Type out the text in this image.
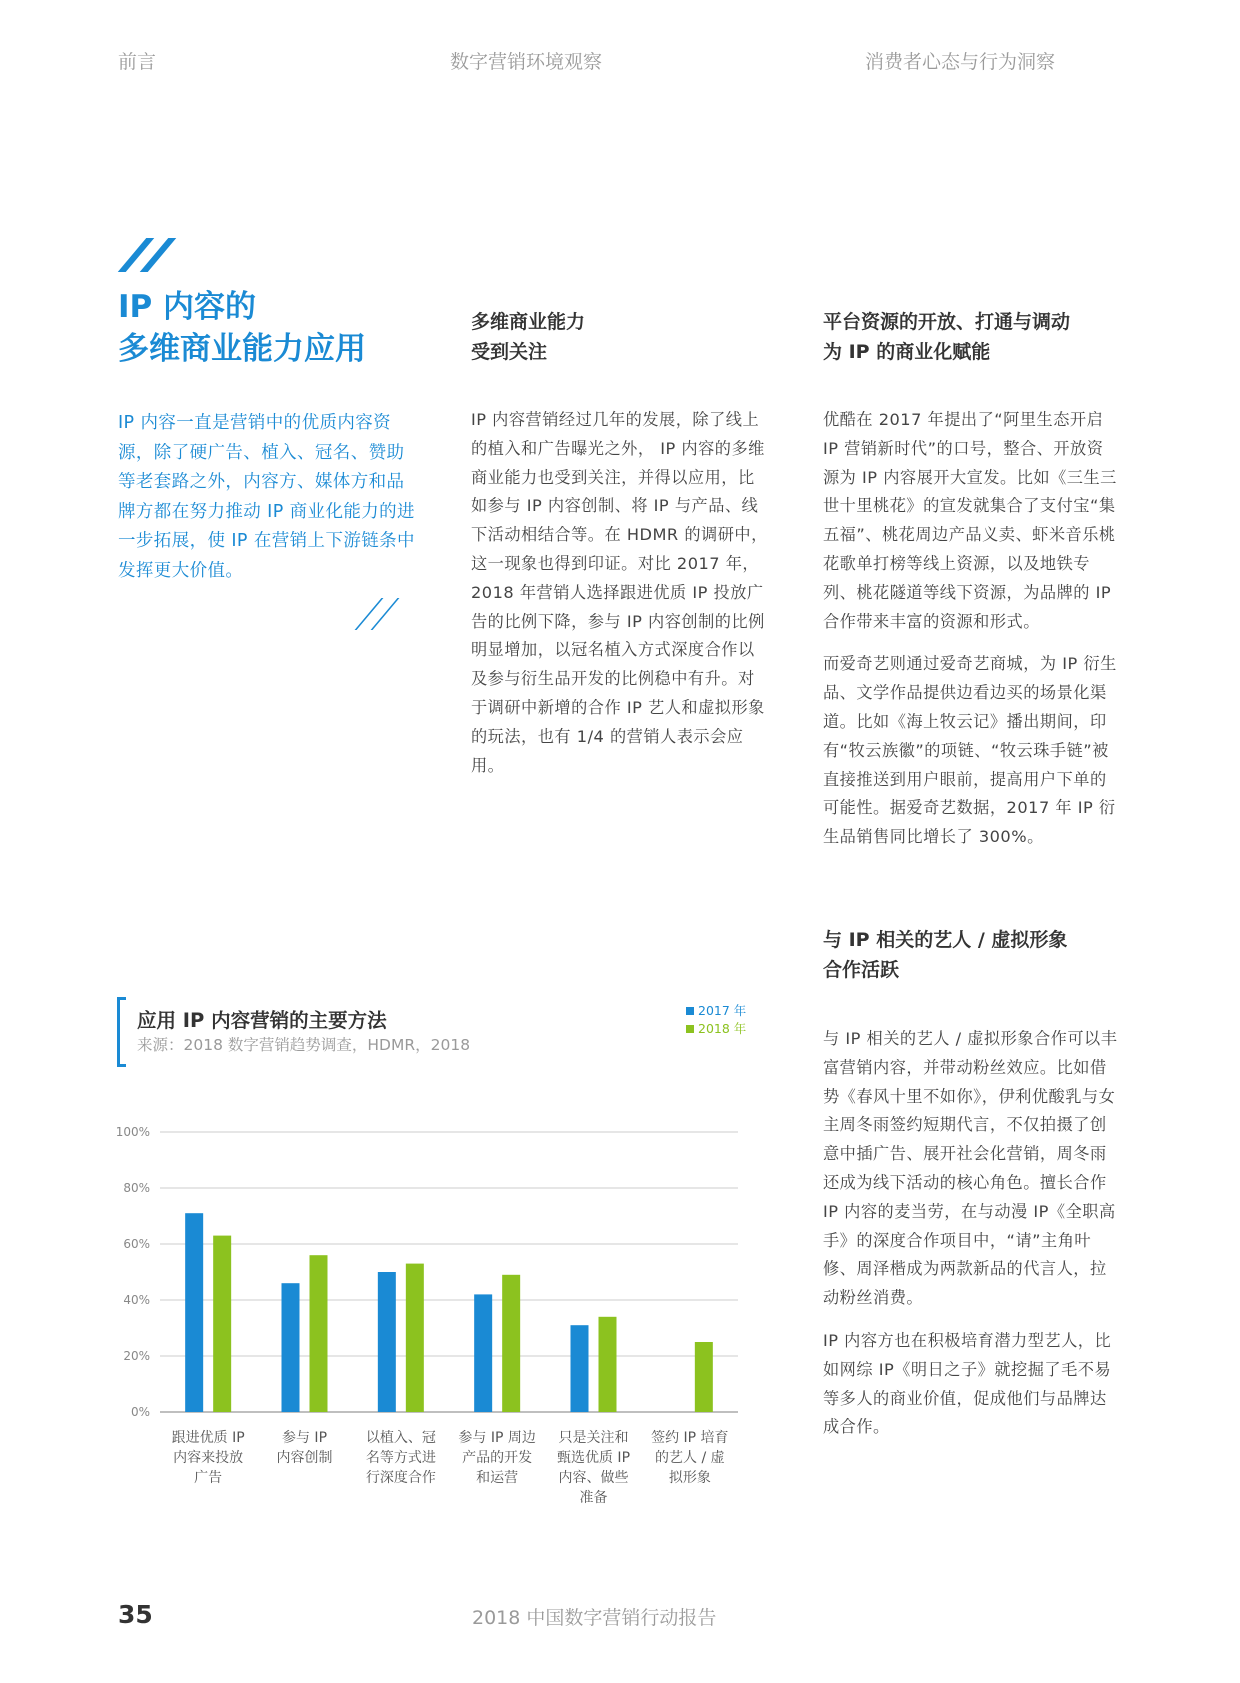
前言	数字营销环境观察	消费者心态与行为洞察
IP 内容的
多维商业能力应用
IP 内容一直是营销中的优质内容资源，除了硬广告、植入、冠名、赞助等老套路之外，内容方、媒体方和品牌方都在努力推动 IP 商业化能力的进一步拓展，使 IP 在营销上下游链条中发挥更大价值。
多维商业能力
受到关注

IP 内容营销经过几年的发展，除了线上的植入和广告曝光之外， IP 内容的多维商业能力也受到关注，并得以应用，比如参与 IP 内容创制、将 IP 与产品、线下活动相结合等。在 HDMR 的调研中，这一现象也得到印证。对比 2017 年，2018 年营销人选择跟进优质 IP 投放广告的比例下降，参与 IP 内容创制的比例明显增加，以冠名植入方式深度合作以及参与衍生品开发的比例稳中有升。对于调研中新增的合作 IP 艺人和虚拟形象的玩法，也有 1/4 的营销人表示会应用。

平台资源的开放、打通与调动
为 IP 的商业化赋能

优酷在 2017 年提出了“阿里生态开启 IP 营销新时代”的口号，整合、开放资源为 IP 内容展开大宣发。比如《三生三世十里桃花》的宣发就集合了支付宝“集五福”、桃花周边产品义卖、虾米音乐桃花歌单打榜等线上资源，以及地铁专列、桃花隧道等线下资源，为品牌的 IP 合作带来丰富的资源和形式。

而爱奇艺则通过爱奇艺商城，为 IP 衍生品、文学作品提供边看边买的场景化渠道。比如《海上牧云记》播出期间，印有“牧云族徽”的项链、“牧云珠手链”被直接推送到用户眼前，提高用户下单的可能性。据爱奇艺数据，2017 年 IP 衍生品销售同比增长了 300%。

与 IP 相关的艺人 / 虚拟形象
合作活跃

与 IP 相关的艺人 / 虚拟形象合作可以丰富营销内容，并带动粉丝效应。比如借势《春风十里不如你》，伊利优酸乳与女主周冬雨签约短期代言，不仅拍摄了创意中插广告、展开社会化营销，周冬雨还成为线下活动的核心角色。擅长合作 IP 内容的麦当劳，在与动漫 IP《全职高手》的深度合作项目中，“请”主角叶修、周泽楷成为两款新品的代言人，拉动粉丝消费。

IP 内容方也在积极培育潜力型艺人，比如网综 IP《明日之子》就挖掘了毛不易等多人的商业价值，促成他们与品牌达成合作。

应用 IP 内容营销的主要方法
来源：2018 数字营销趋势调查，HDMR，2018
2017 年
2018 年
0%
20%
40%
60%
80%
100%
跟进优质 IP
内容来投放
广告
参与 IP
内容创制
以植入、冠
名等方式进
行深度合作
参与 IP 周边
产品的开发
和运营
只是关注和
甄选优质 IP
内容、做些
准备
签约 IP 培育
的艺人 / 虚
拟形象
35	2018 中国数字营销行动报告
